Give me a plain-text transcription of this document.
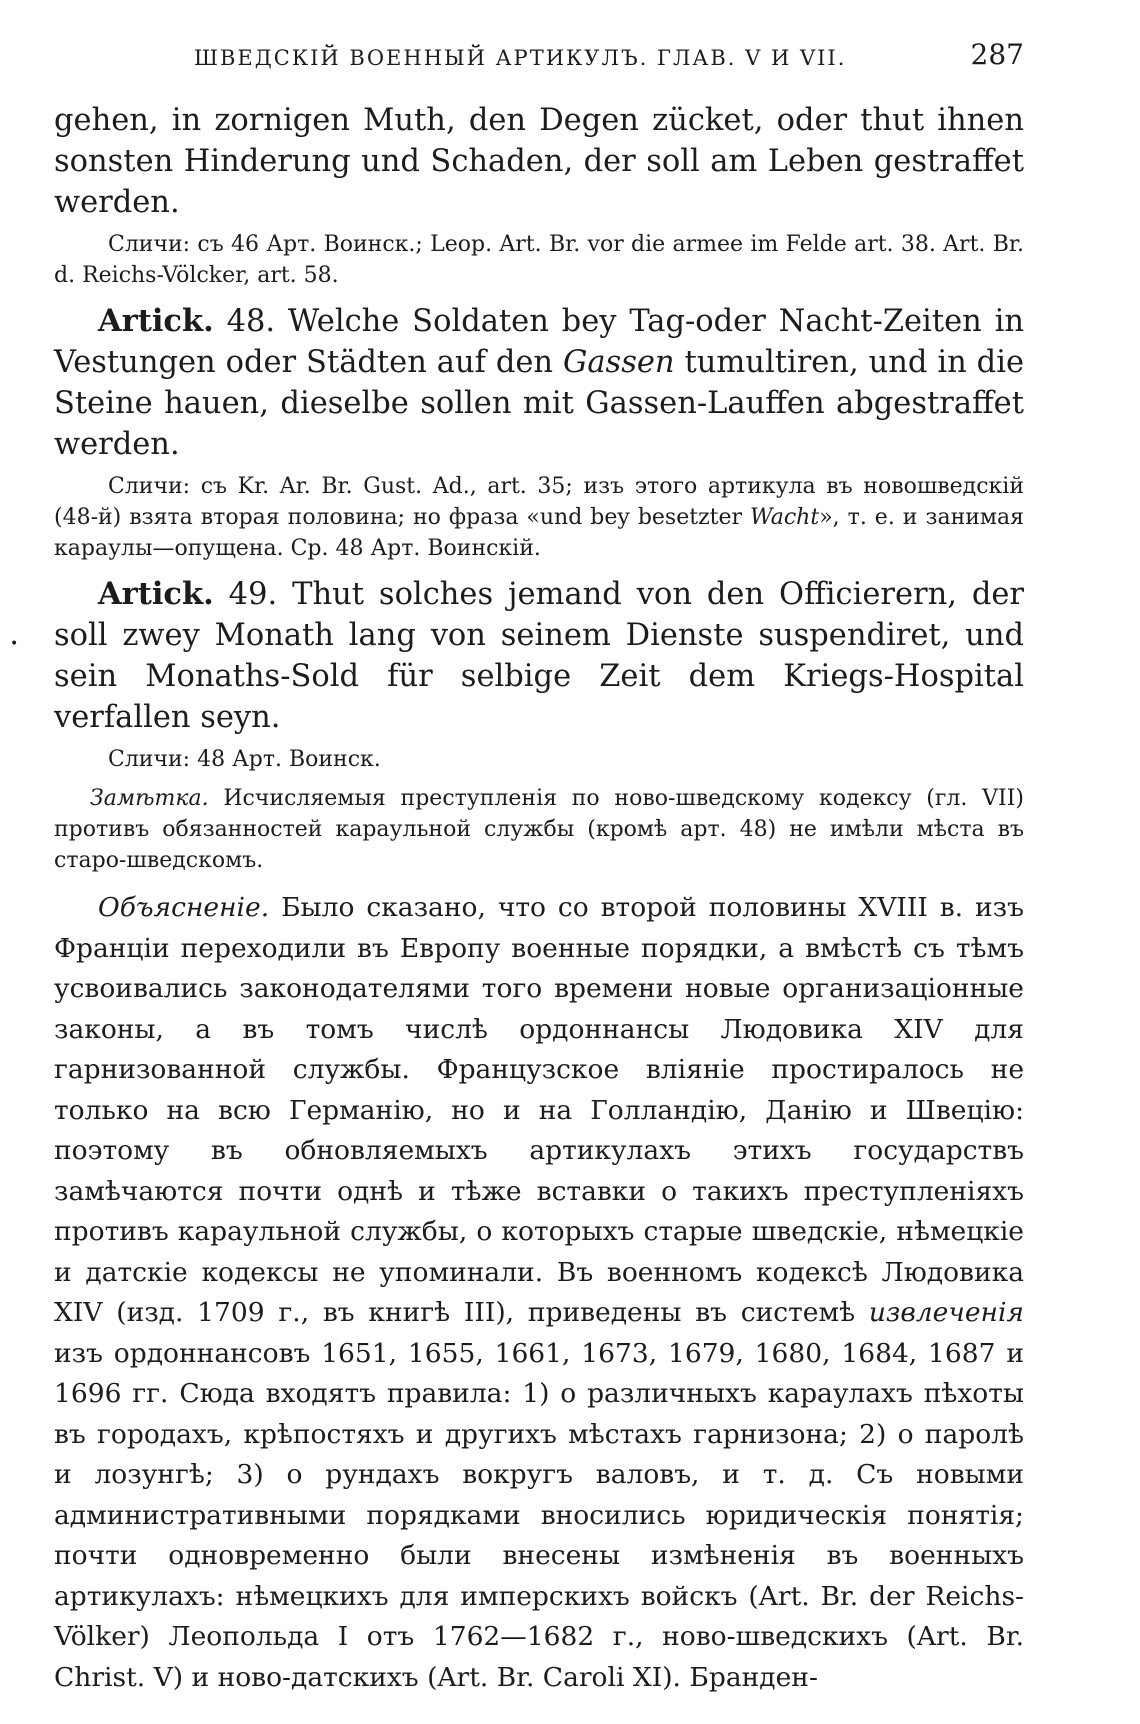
ШВЕДСКІЙ ВОЕННЫЙ АРТИКУЛЪ. ГЛАВ. V И VII.	287

gehen, in zornigen Muth, den Degen zücket, oder thut ihnen sonsten Hinderung und Schaden, der soll am Leben gestraffet werden.

Сличи: съ 46 Арт. Воинск.; Leop. Art. Br. vor die armee im Felde art. 38. Art. Br. d. Reichs-Völcker, art. 58.

Artick. 48. Welche Soldaten bey Tag-oder Nacht-Zeiten in Vestungen oder Städten auf den Gassen tumultiren, und in die Steine hauen, dieselbe sollen mit Gassen-Lauffen abgestraffet werden.

Сличи: съ Kr. Ar. Br. Gust. Ad., art. 35; изъ этого артикула въ новошведскій (48-й) взята вторая половина; но фраза «und bey besetzter Wacht», т. е. и занимая караулы—опущена. Ср. 48 Арт. Воинскій.

Artick. 49. Thut solches jemand von den Officierern, der soll zwey Monath lang von seinem Dienste suspendiret, und sein Monaths-Sold für selbige Zeit dem Kriegs-Hospital verfallen seyn.

Сличи: 48 Арт. Воинск.

Замѣтка. Исчисляемыя преступленія по ново-шведскому кодексу (гл. VII) противъ обязанностей караульной службы (кромѣ арт. 48) не имѣли мѣста въ старо-шведскомъ.

Объясненіе. Было сказано, что со второй половины XVIII в. изъ Франціи переходили въ Европу военные порядки, а вмѣстѣ съ тѣмъ усвоивались законодателями того времени новые организаціонные законы, а въ томъ числѣ ордоннансы Людовика XIV для гарнизованной службы. Французское вліяніе простиралось не только на всю Германію, но и на Голландію, Данію и Швецію: поэтому въ обновляемыхъ артикулахъ этихъ государствъ замѣчаются почти однѣ и тѣже вставки о такихъ преступленіяхъ противъ караульной службы, о которыхъ старые шведскіе, нѣмецкіе и датскіе кодексы не упоминали. Въ военномъ кодексѣ Людовика XIV (изд. 1709 г., въ книгѣ III), приведены въ системѣ извлеченія изъ ордоннансовъ 1651, 1655, 1661, 1673, 1679, 1680, 1684, 1687 и 1696 гг. Сюда входятъ правила: 1) о различныхъ караулахъ пѣхоты въ городахъ, крѣпостяхъ и другихъ мѣстахъ гарнизона; 2) о паролѣ и лозунгѣ; 3) о рундахъ вокругъ валовъ, и т. д. Съ новыми административными порядками вносились юридическія понятія; почти одновременно были внесены измѣненія въ военныхъ артикулахъ: нѣмецкихъ для имперскихъ войскъ (Art. Br. der Reichs-Völker) Леопольда I отъ 1762—1682 г., ново-шведскихъ (Art. Br. Christ. V) и ново-датскихъ (Art. Br. Caroli XI). Бранден-

•
